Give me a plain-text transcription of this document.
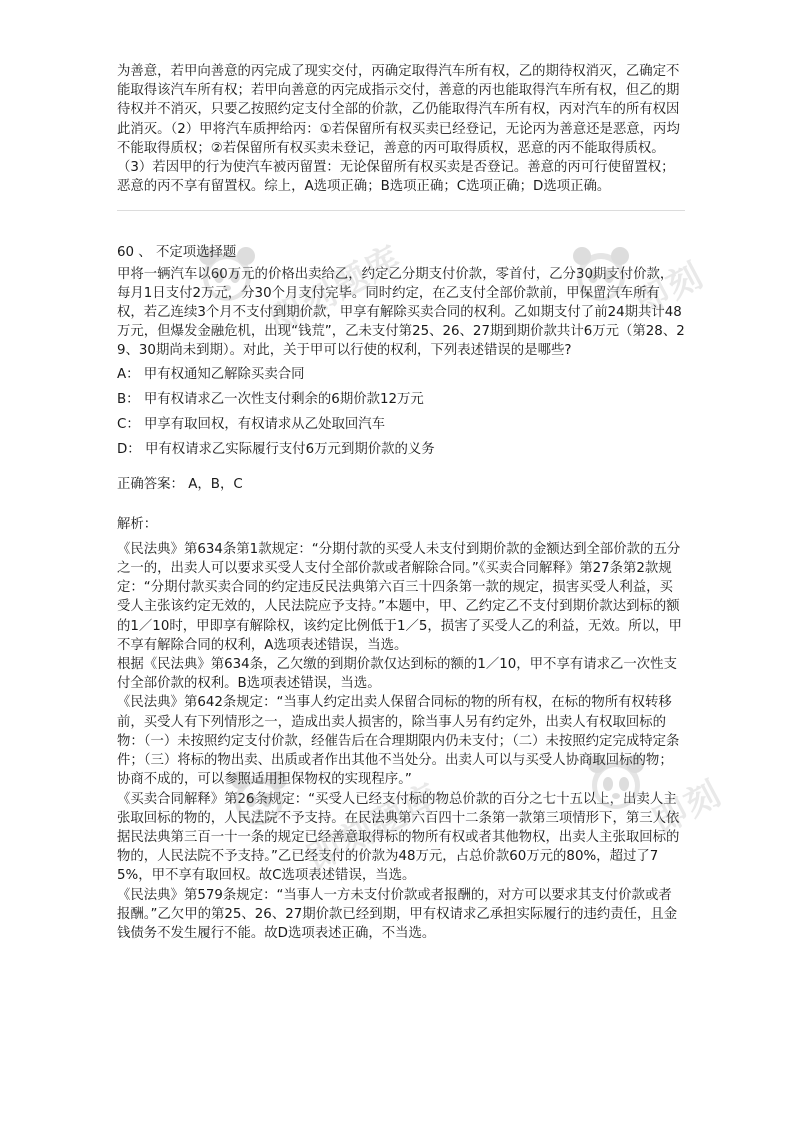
为善意，若甲向善意的丙完成了现实交付，丙确定取得汽车所有权，乙的期待权消灭，乙确定不能取得该汽车所有权；若甲向善意的丙完成指示交付，善意的丙也能取得汽车所有权，但乙的期待权并不消灭，只要乙按照约定支付全部的价款，乙仍能取得汽车所有权，丙对汽车的所有权因此消灭。（2）甲将汽车质押给丙：①若保留所有权买卖已经登记，无论丙为善意还是恶意，丙均不能取得质权；②若保留所有权买卖未登记，善意的丙可取得质权，恶意的丙不能取得质权。（3）若因甲的行为使汽车被丙留置：无论保留所有权买卖是否登记。善意的丙可行使留置权；恶意的丙不享有留置权。综上，A选项正确；B选项正确；C选项正确；D选项正确。

60 、 不定项选择题

甲将一辆汽车以60万元的价格出卖给乙，约定乙分期支付价款，零首付，乙分30期支付价款，每月1日支付2万元，分30个月支付完毕。同时约定，在乙支付全部价款前，甲保留汽车所有权，若乙连续3个月不支付到期价款，甲享有解除买卖合同的权利。乙如期支付了前24期共计48万元，但爆发金融危机，出现“钱荒”，乙未支付第25、26、27期到期价款共计6万元（第28、29、30期尚未到期）。对此，关于甲可以行使的权利，下列表述错误的是哪些?

A： 甲有权通知乙解除买卖合同

B： 甲有权请求乙一次性支付剩余的6期价款12万元

C： 甲享有取回权，有权请求从乙处取回汽车

D： 甲有权请求乙实际履行支付6万元到期价款的义务

正确答案： A，B，C

解析：

《民法典》第634条第1款规定：“分期付款的买受人未支付到期价款的金额达到全部价款的五分之一的，出卖人可以要求买受人支付全部价款或者解除合同。”《买卖合同解释》第27条第2款规定：“分期付款买卖合同的约定违反民法典第六百三十四条第一款的规定，损害买受人利益，买受人主张该约定无效的，人民法院应予支持。”本题中，甲、乙约定乙不支付到期价款达到标的额的1／10时，甲即享有解除权，该约定比例低于1／5，损害了买受人乙的利益，无效。所以，甲不享有解除合同的权利，A选项表述错误，当选。

根据《民法典》第634条，乙欠缴的到期价款仅达到标的额的1／10，甲不享有请求乙一次性支付全部价款的权利。B选项表述错误，当选。

《民法典》第642条规定：“当事人约定出卖人保留合同标的物的所有权，在标的物所有权转移前，买受人有下列情形之一，造成出卖人损害的，除当事人另有约定外，出卖人有权取回标的物：（一）未按照约定支付价款，经催告后在合理期限内仍未支付；（二）未按照约定完成特定条件；（三）将标的物出卖、出质或者作出其他不当处分。出卖人可以与买受人协商取回标的物；协商不成的，可以参照适用担保物权的实现程序。”

《买卖合同解释》第26条规定：“买受人已经支付标的物总价款的百分之七十五以上，出卖人主张取回标的物的，人民法院不予支持。在民法典第六百四十二条第一款第三项情形下，第三人依据民法典第三百一十一条的规定已经善意取得标的物所有权或者其他物权，出卖人主张取回标的物的，人民法院不予支持。”乙已经支付的价款为48万元，占总价款60万元的80%，超过了75%，甲不享有取回权。故C选项表述错误，当选。

《民法典》第579条规定：“当事人一方未支付价款或者报酬的，对方可以要求其支付价款或者报酬。”乙欠甲的第25、26、27期价款已经到期，甲有权请求乙承担实际履行的违约责任，且金钱债务不发生履行不能。故D选项表述正确，不当选。

即刻题库	即刻
即刻题库	即刻
